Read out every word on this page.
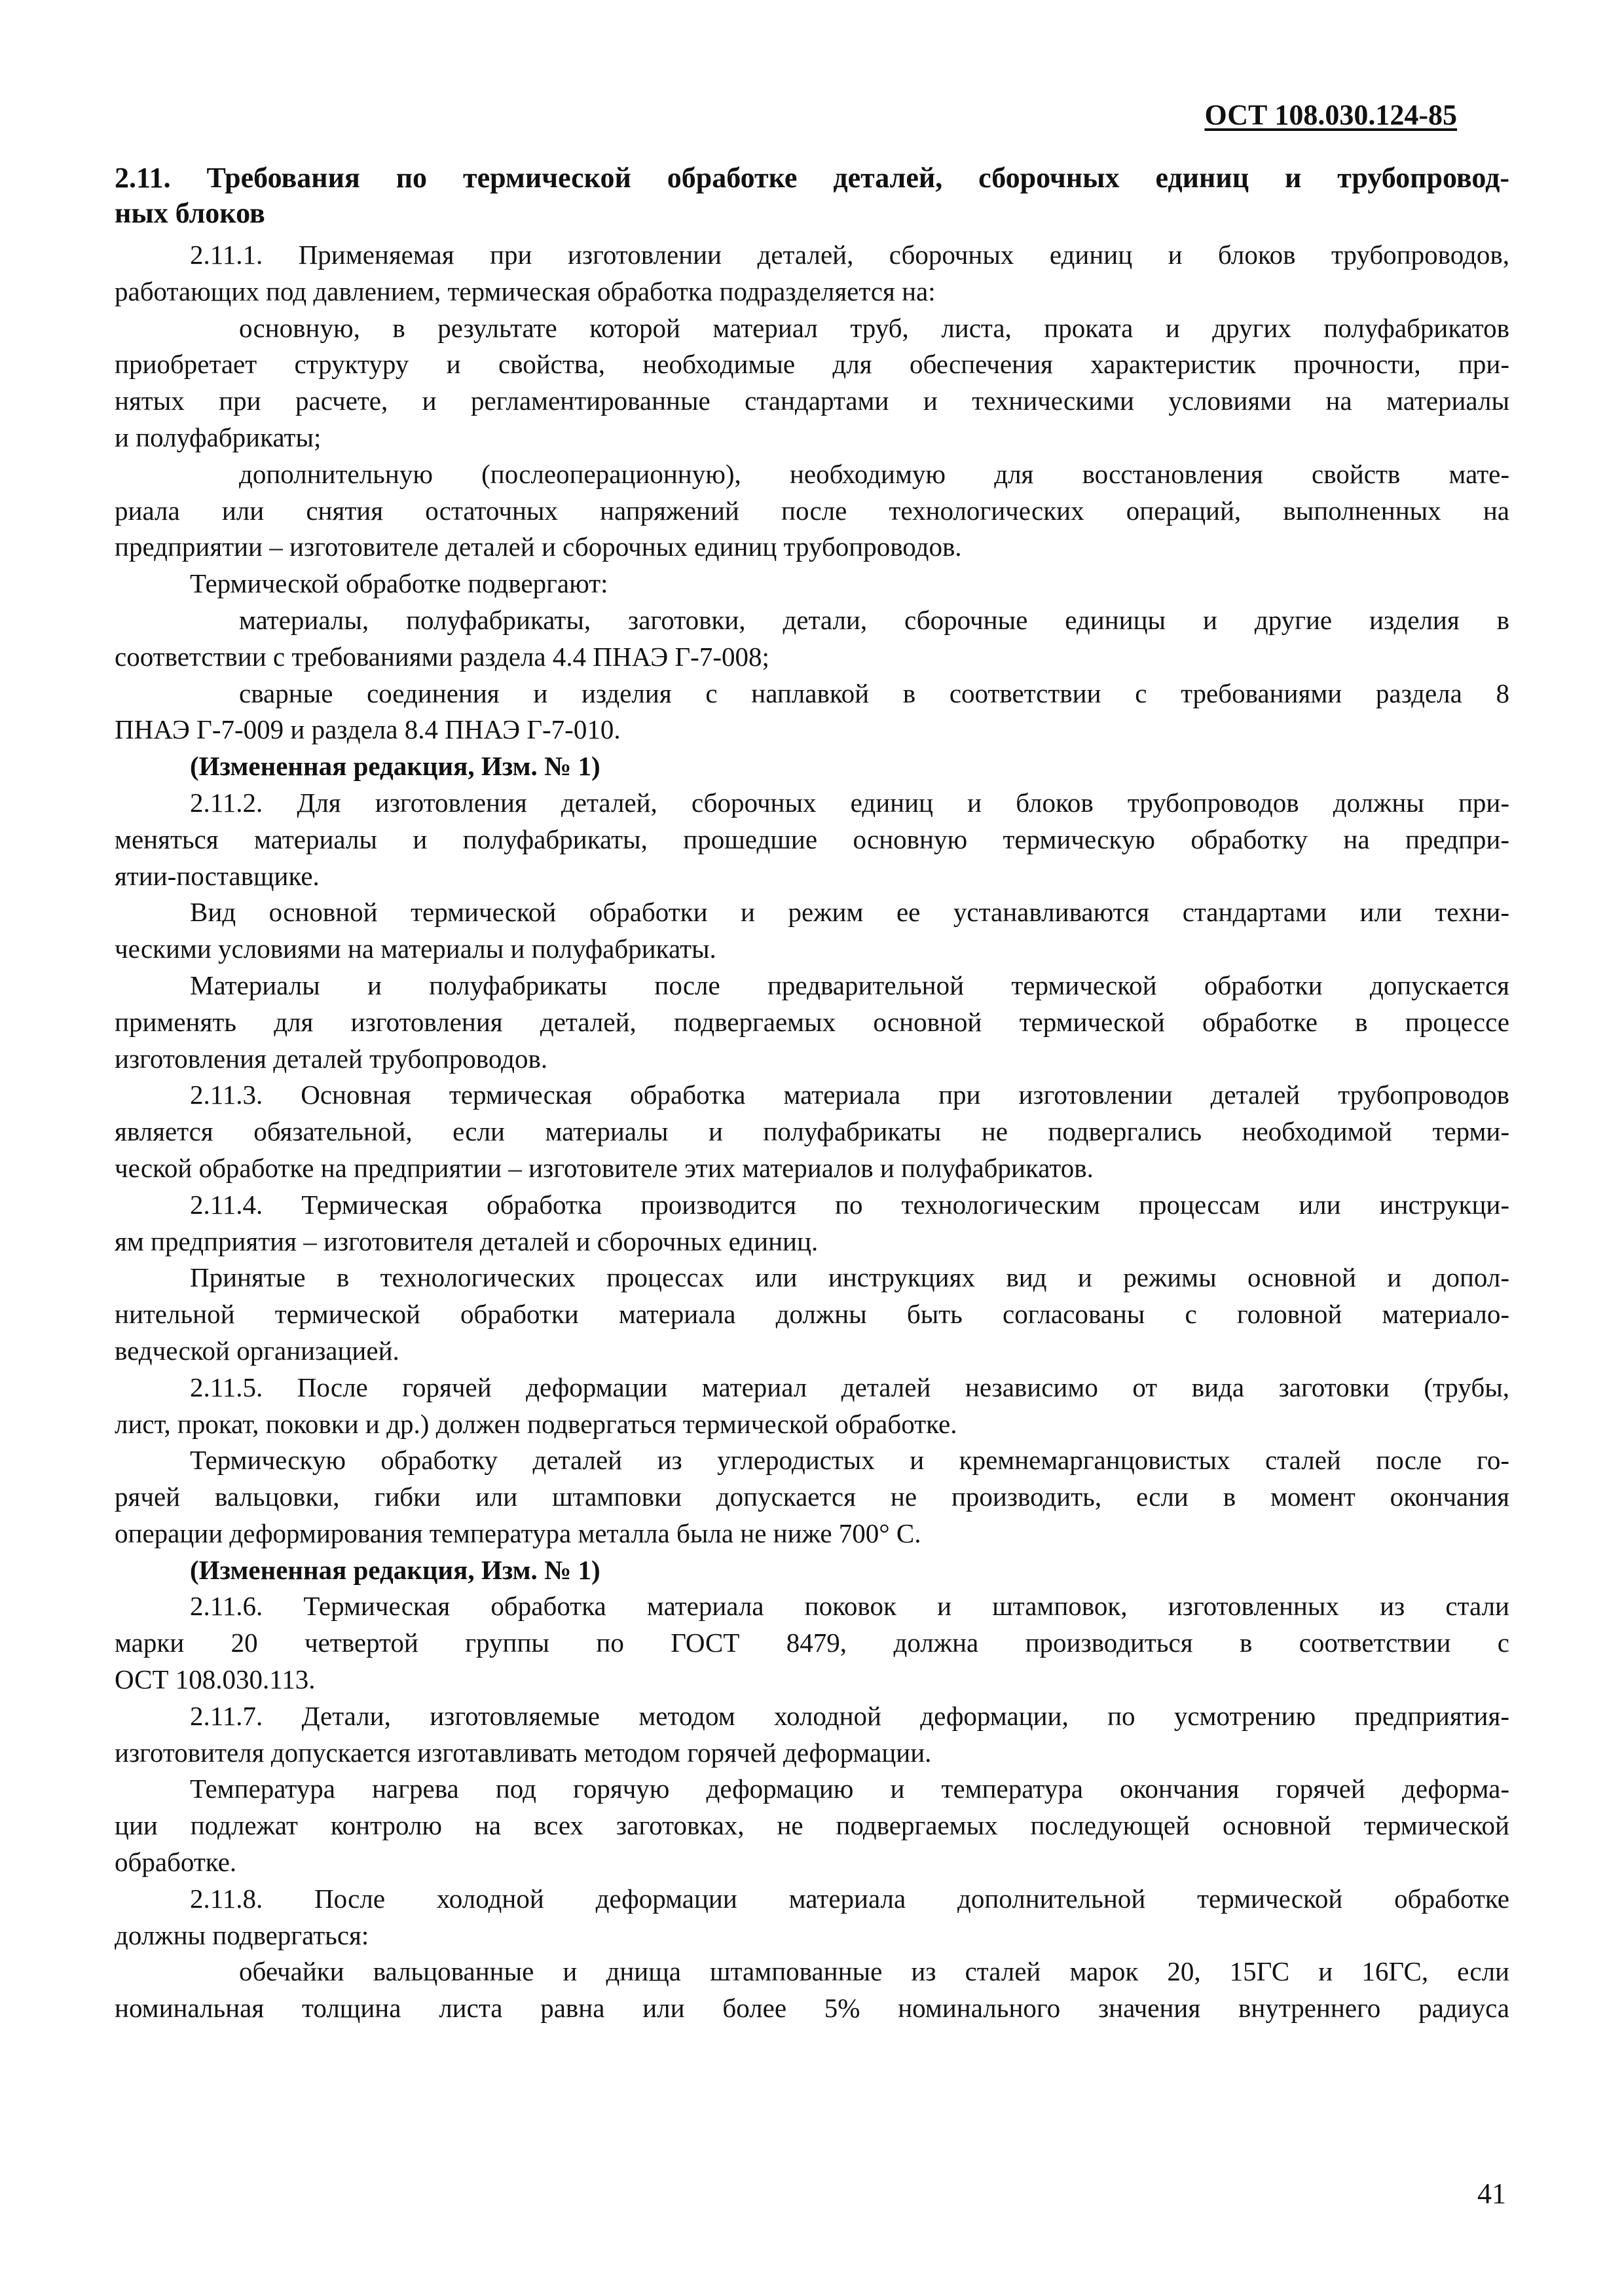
ОСТ 108.030.124-85
2.11. Требования по термической обработке деталей, сборочных единиц и трубопровод-
ных блоков
2.11.1. Применяемая при изготовлении деталей, сборочных единиц и блоков трубопроводов,
работающих под давлением, термическая обработка подразделяется на:
основную, в результате которой материал труб, листа, проката и других полуфабрикатов
приобретает структуру и свойства, необходимые для обеспечения характеристик прочности, при-
нятых при расчете, и регламентированные стандартами и техническими условиями на материалы
и полуфабрикаты;
дополнительную (послеоперационную), необходимую для восстановления свойств мате-
риала или снятия остаточных напряжений после технологических операций, выполненных на
предприятии – изготовителе деталей и сборочных единиц трубопроводов.
Термической обработке подвергают:
материалы, полуфабрикаты, заготовки, детали, сборочные единицы и другие изделия в
соответствии с требованиями раздела 4.4 ПНАЭ Г-7-008;
сварные соединения и изделия с наплавкой в соответствии с требованиями раздела 8
ПНАЭ Г-7-009 и раздела 8.4 ПНАЭ Г-7-010.
(Измененная редакция, Изм. № 1)
2.11.2. Для изготовления деталей, сборочных единиц и блоков трубопроводов должны при-
меняться материалы и полуфабрикаты, прошедшие основную термическую обработку на предпри-
ятии-поставщике.
Вид основной термической обработки и режим ее устанавливаются стандартами или техни-
ческими условиями на материалы и полуфабрикаты.
Материалы и полуфабрикаты после предварительной термической обработки допускается
применять для изготовления деталей, подвергаемых основной термической обработке в процессе
изготовления деталей трубопроводов.
2.11.3. Основная термическая обработка материала при изготовлении деталей трубопроводов
является обязательной, если материалы и полуфабрикаты не подвергались необходимой терми-
ческой обработке на предприятии – изготовителе этих материалов и полуфабрикатов.
2.11.4. Термическая обработка производится по технологическим процессам или инструкци-
ям предприятия – изготовителя деталей и сборочных единиц.
Принятые в технологических процессах или инструкциях вид и режимы основной и допол-
нительной термической обработки материала должны быть согласованы с головной материало-
ведческой организацией.
2.11.5. После горячей деформации материал деталей независимо от вида заготовки (трубы,
лист, прокат, поковки и др.) должен подвергаться термической обработке.
Термическую обработку деталей из углеродистых и кремнемарганцовистых сталей после го-
рячей вальцовки, гибки или штамповки допускается не производить, если в момент окончания
операции деформирования температура металла была не ниже 700° С.
(Измененная редакция, Изм. № 1)
2.11.6. Термическая обработка материала поковок и штамповок, изготовленных из стали
марки 20 четвертой группы по ГОСТ 8479, должна производиться в соответствии с
ОСТ 108.030.113.
2.11.7. Детали, изготовляемые методом холодной деформации, по усмотрению предприятия-
изготовителя допускается изготавливать методом горячей деформации.
Температура нагрева под горячую деформацию и температура окончания горячей деформа-
ции подлежат контролю на всех заготовках, не подвергаемых последующей основной термической
обработке.
2.11.8. После холодной деформации материала дополнительной термической обработке
должны подвергаться:
обечайки вальцованные и днища штампованные из сталей марок 20, 15ГС и 16ГС, если
номинальная толщина листа равна или более 5% номинального значения внутреннего радиуса
41
